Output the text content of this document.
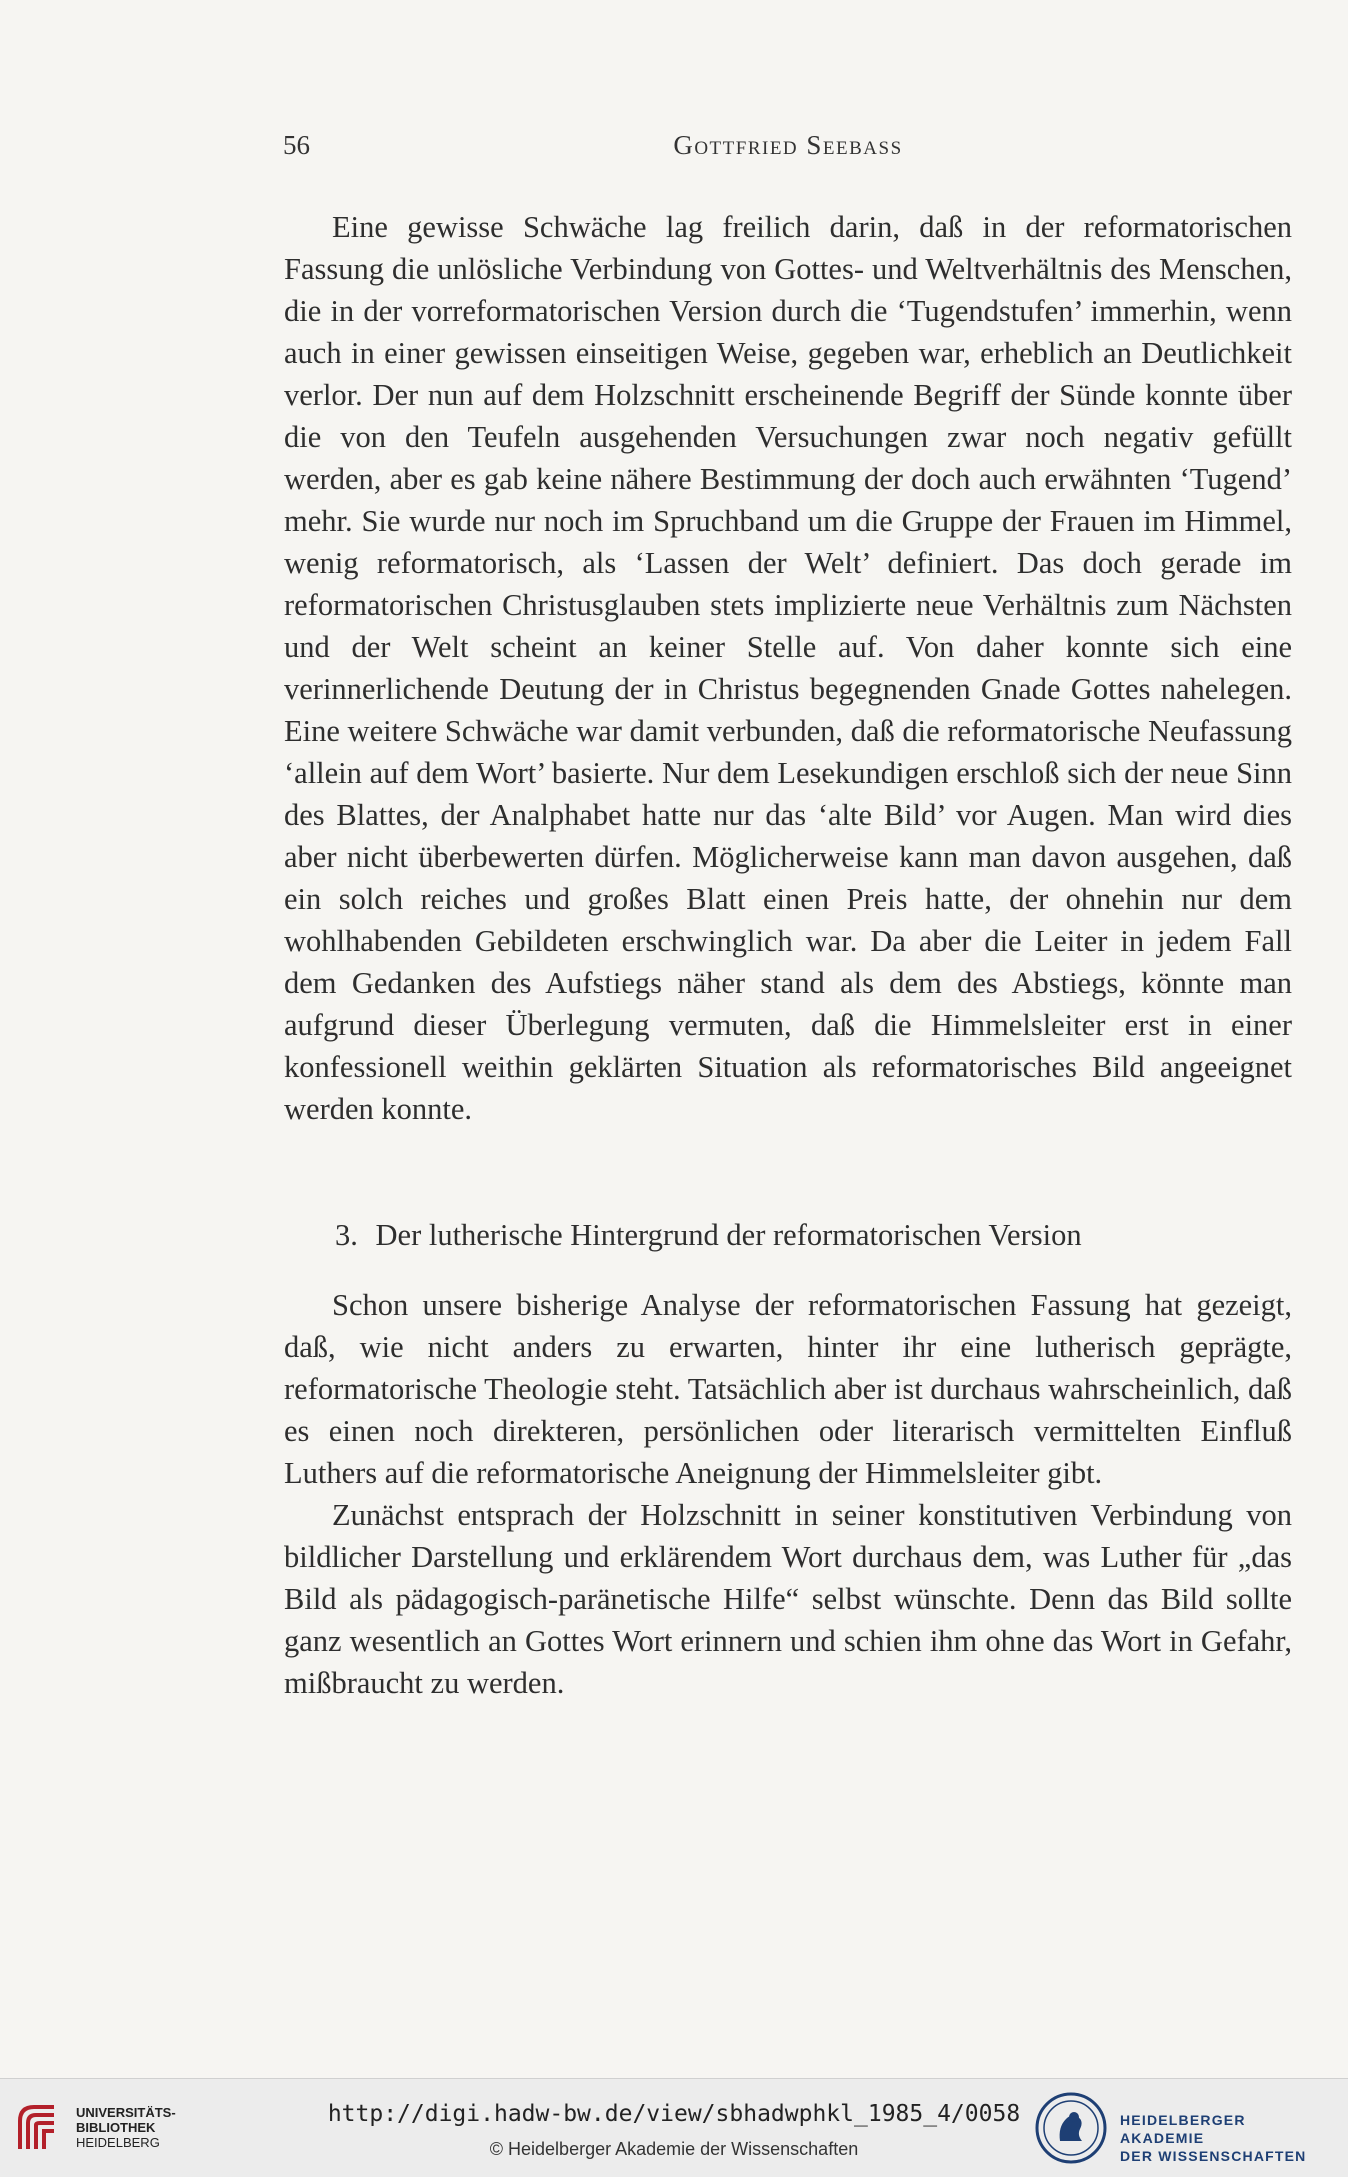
56	Gottfried Seebass

Eine gewisse Schwäche lag freilich darin, daß in der reformatorischen Fassung die unlösliche Verbindung von Gottes- und Weltverhältnis des Menschen, die in der vorreformatorischen Version durch die ‘Tugendstufen’ immerhin, wenn auch in einer gewissen einseitigen Weise, gegeben war, erheblich an Deutlichkeit verlor. Der nun auf dem Holzschnitt erscheinende Begriff der Sünde konnte über die von den Teufeln ausgehenden Versuchungen zwar noch negativ gefüllt werden, aber es gab keine nähere Bestimmung der doch auch erwähnten ‘Tugend’ mehr. Sie wurde nur noch im Spruchband um die Gruppe der Frauen im Himmel, wenig reformatorisch, als ‘Lassen der Welt’ definiert. Das doch gerade im reformatorischen Christusglauben stets implizierte neue Verhältnis zum Nächsten und der Welt scheint an keiner Stelle auf. Von daher konnte sich eine verinnerlichende Deutung der in Christus begegnenden Gnade Gottes nahelegen. Eine weitere Schwäche war damit verbunden, daß die reformatorische Neufassung ‘allein auf dem Wort’ basierte. Nur dem Lesekundigen erschloß sich der neue Sinn des Blattes, der Analphabet hatte nur das ‘alte Bild’ vor Augen. Man wird dies aber nicht überbewerten dürfen. Möglicherweise kann man davon ausgehen, daß ein solch reiches und großes Blatt einen Preis hatte, der ohnehin nur dem wohlhabenden Gebildeten erschwinglich war. Da aber die Leiter in jedem Fall dem Gedanken des Aufstiegs näher stand als dem des Abstiegs, könnte man aufgrund dieser Überlegung vermuten, daß die Himmelsleiter erst in einer konfessionell weithin geklärten Situation als reformatorisches Bild angeeignet werden konnte.

3. Der lutherische Hintergrund der reformatorischen Version

Schon unsere bisherige Analyse der reformatorischen Fassung hat gezeigt, daß, wie nicht anders zu erwarten, hinter ihr eine lutherisch geprägte, reformatorische Theologie steht. Tatsächlich aber ist durchaus wahrscheinlich, daß es einen noch direkteren, persönlichen oder literarisch vermittelten Einfluß Luthers auf die reformatorische Aneignung der Himmelsleiter gibt.

Zunächst entsprach der Holzschnitt in seiner konstitutiven Verbindung von bildlicher Darstellung und erklärendem Wort durchaus dem, was Luther für „das Bild als pädagogisch-paränetische Hilfe“ selbst wünschte. Denn das Bild sollte ganz wesentlich an Gottes Wort erinnern und schien ihm ohne das Wort in Gefahr, mißbraucht zu werden.

UNIVERSITÄTS-
BIBLIOTHEK
HEIDELBERG
http://digi.hadw-bw.de/view/sbhadwphkl_1985_4/0058
© Heidelberger Akademie der Wissenschaften
HEIDELBERGER AKADEMIE
DER WISSENSCHAFTEN
